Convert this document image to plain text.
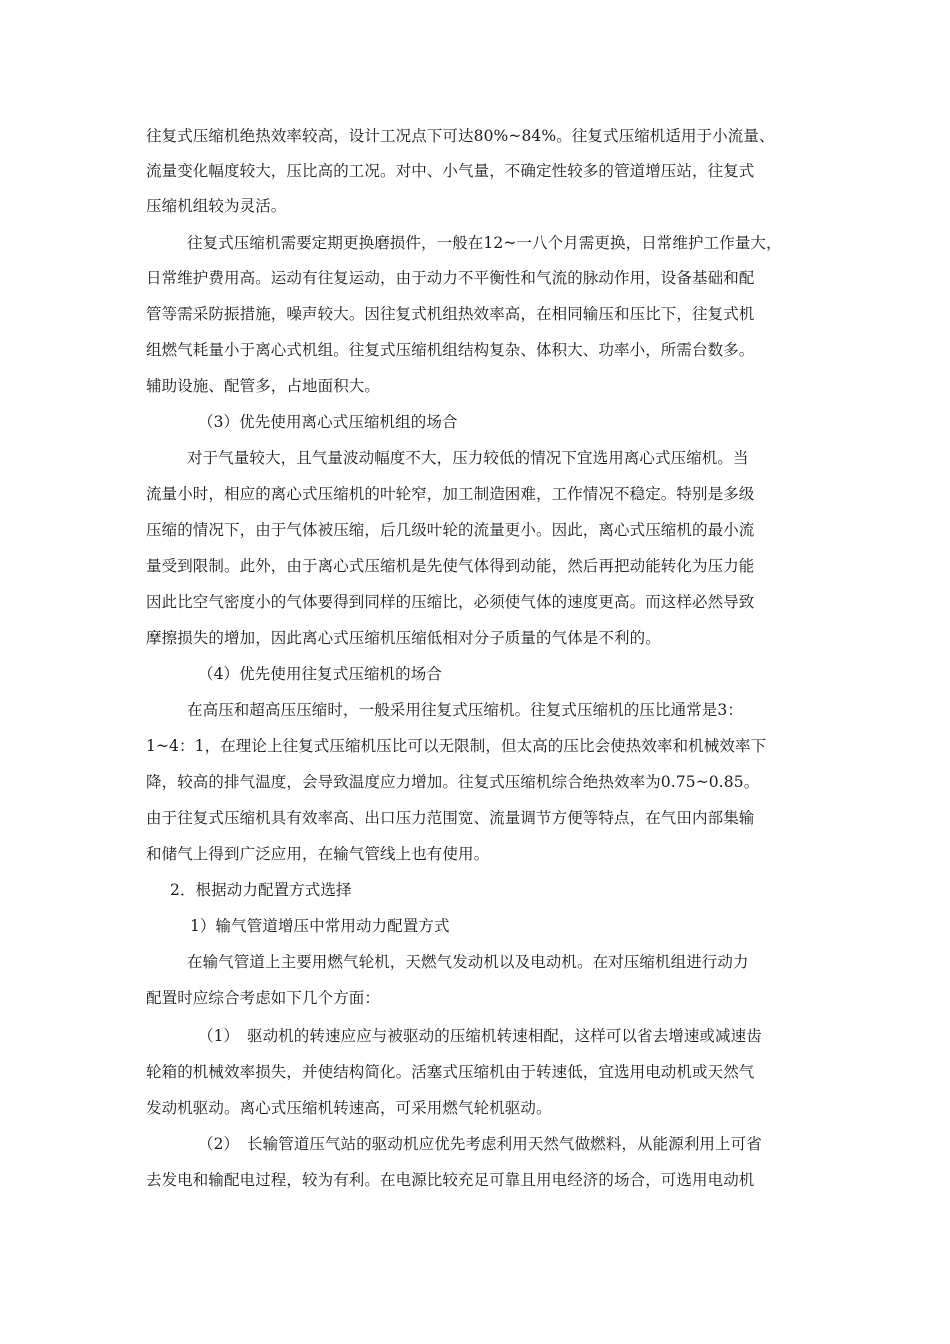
往复式压缩机绝热效率较高，设计工况点下可达80%~84%。往复式压缩机适用于小流量、
流量变化幅度较大，压比高的工况。对中、小气量，不确定性较多的管道增压站，往复式
压缩机组较为灵活。
往复式压缩机需要定期更换磨损件，一般在12~一八个月需更换，日常维护工作量大，
日常维护费用高。运动有往复运动，由于动力不平衡性和气流的脉动作用，设备基础和配
管等需采防振措施，噪声较大。因往复式机组热效率高，在相同输压和压比下，往复式机
组燃气耗量小于离心式机组。往复式压缩机组结构复杂、体积大、功率小，所需台数多。
辅助设施、配管多，占地面积大。
（3）优先使用离心式压缩机组的场合
对于气量较大，且气量波动幅度不大，压力较低的情况下宜选用离心式压缩机。当
流量小时，相应的离心式压缩机的叶轮窄，加工制造困难，工作情况不稳定。特别是多级
压缩的情况下，由于气体被压缩，后几级叶轮的流量更小。因此，离心式压缩机的最小流
量受到限制。此外，由于离心式压缩机是先使气体得到动能，然后再把动能转化为压力能
因此比空气密度小的气体要得到同样的压缩比，必须使气体的速度更高。而这样必然导致
摩擦损失的增加，因此离心式压缩机压缩低相对分子质量的气体是不利的。
（4）优先使用往复式压缩机的场合
在高压和超高压压缩时，一般采用往复式压缩机。往复式压缩机的压比通常是3：
1~4：1，在理论上往复式压缩机压比可以无限制，但太高的压比会使热效率和机械效率下
降，较高的排气温度，会导致温度应力增加。往复式压缩机综合绝热效率为0.75~0.85。
由于往复式压缩机具有效率高、出口压力范围宽、流量调节方便等特点，在气田内部集输
和储气上得到广泛应用，在输气管线上也有使用。
2．根据动力配置方式选择
1）输气管道增压中常用动力配置方式
在输气管道上主要用燃气轮机，天燃气发动机以及电动机。在对压缩机组进行动力
配置时应综合考虑如下几个方面：
（1）　驱动机的转速应应与被驱动的压缩机转速相配，这样可以省去增速或减速齿
轮箱的机械效率损失，并使结构简化。活塞式压缩机由于转速低，宜选用电动机或天然气
发动机驱动。离心式压缩机转速高，可采用燃气轮机驱动。
（2）　长输管道压气站的驱动机应优先考虑利用天然气做燃料，从能源利用上可省
去发电和输配电过程，较为有利。在电源比较充足可靠且用电经济的场合，可选用电动机
